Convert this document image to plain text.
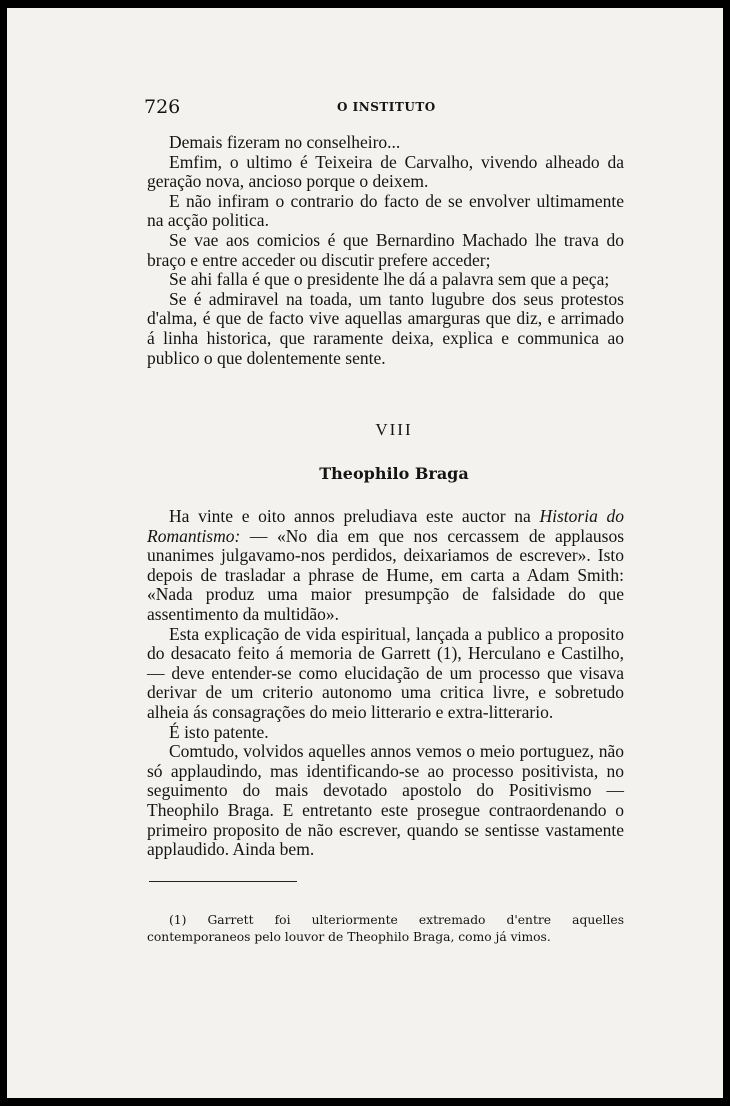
726	O INSTITUTO

Demais fizeram no conselheiro...

Emfim, o ultimo é Teixeira de Carvalho, vivendo alheado da geração nova, ancioso porque o deixem.

E não infiram o contrario do facto de se envolver ultimamente na acção politica.

Se vae aos comicios é que Bernardino Machado lhe trava do braço e entre acceder ou discutir prefere acceder;

Se ahi falla é que o presidente lhe dá a palavra sem que a peça;

Se é admiravel na toada, um tanto lugubre dos seus protestos d'alma, é que de facto vive aquellas amarguras que diz, e arrimado á linha historica, que raramente deixa, explica e communica ao publico o que dolentemente sente.

VIII
Theophilo Braga

Ha vinte e oito annos preludiava este auctor na Historia do Romantismo: — «No dia em que nos cercassem de applausos unanimes julgavamo-nos perdidos, deixariamos de escrever». Isto depois de trasladar a phrase de Hume, em carta a Adam Smith: «Nada produz uma maior presumpção de falsidade do que assentimento da multidão».

Esta explicação de vida espiritual, lançada a publico a proposito do desacato feito á memoria de Garrett (1), Herculano e Castilho, — deve entender-se como elucidação de um processo que visava derivar de um criterio autonomo uma critica livre, e sobretudo alheia ás consagrações do meio litterario e extra-litterario.

É isto patente.

Comtudo, volvidos aquelles annos vemos o meio portuguez, não só applaudindo, mas identificando-se ao processo positivista, no seguimento do mais devotado apostolo do Positivismo — Theophilo Braga. E entretanto este prosegue contraordenando o primeiro proposito de não escrever, quando se sentisse vastamente applaudido. Ainda bem.

(1) Garrett foi ulteriormente extremado d'entre aquelles contemporaneos pelo louvor de Theophilo Braga, como já vimos.
